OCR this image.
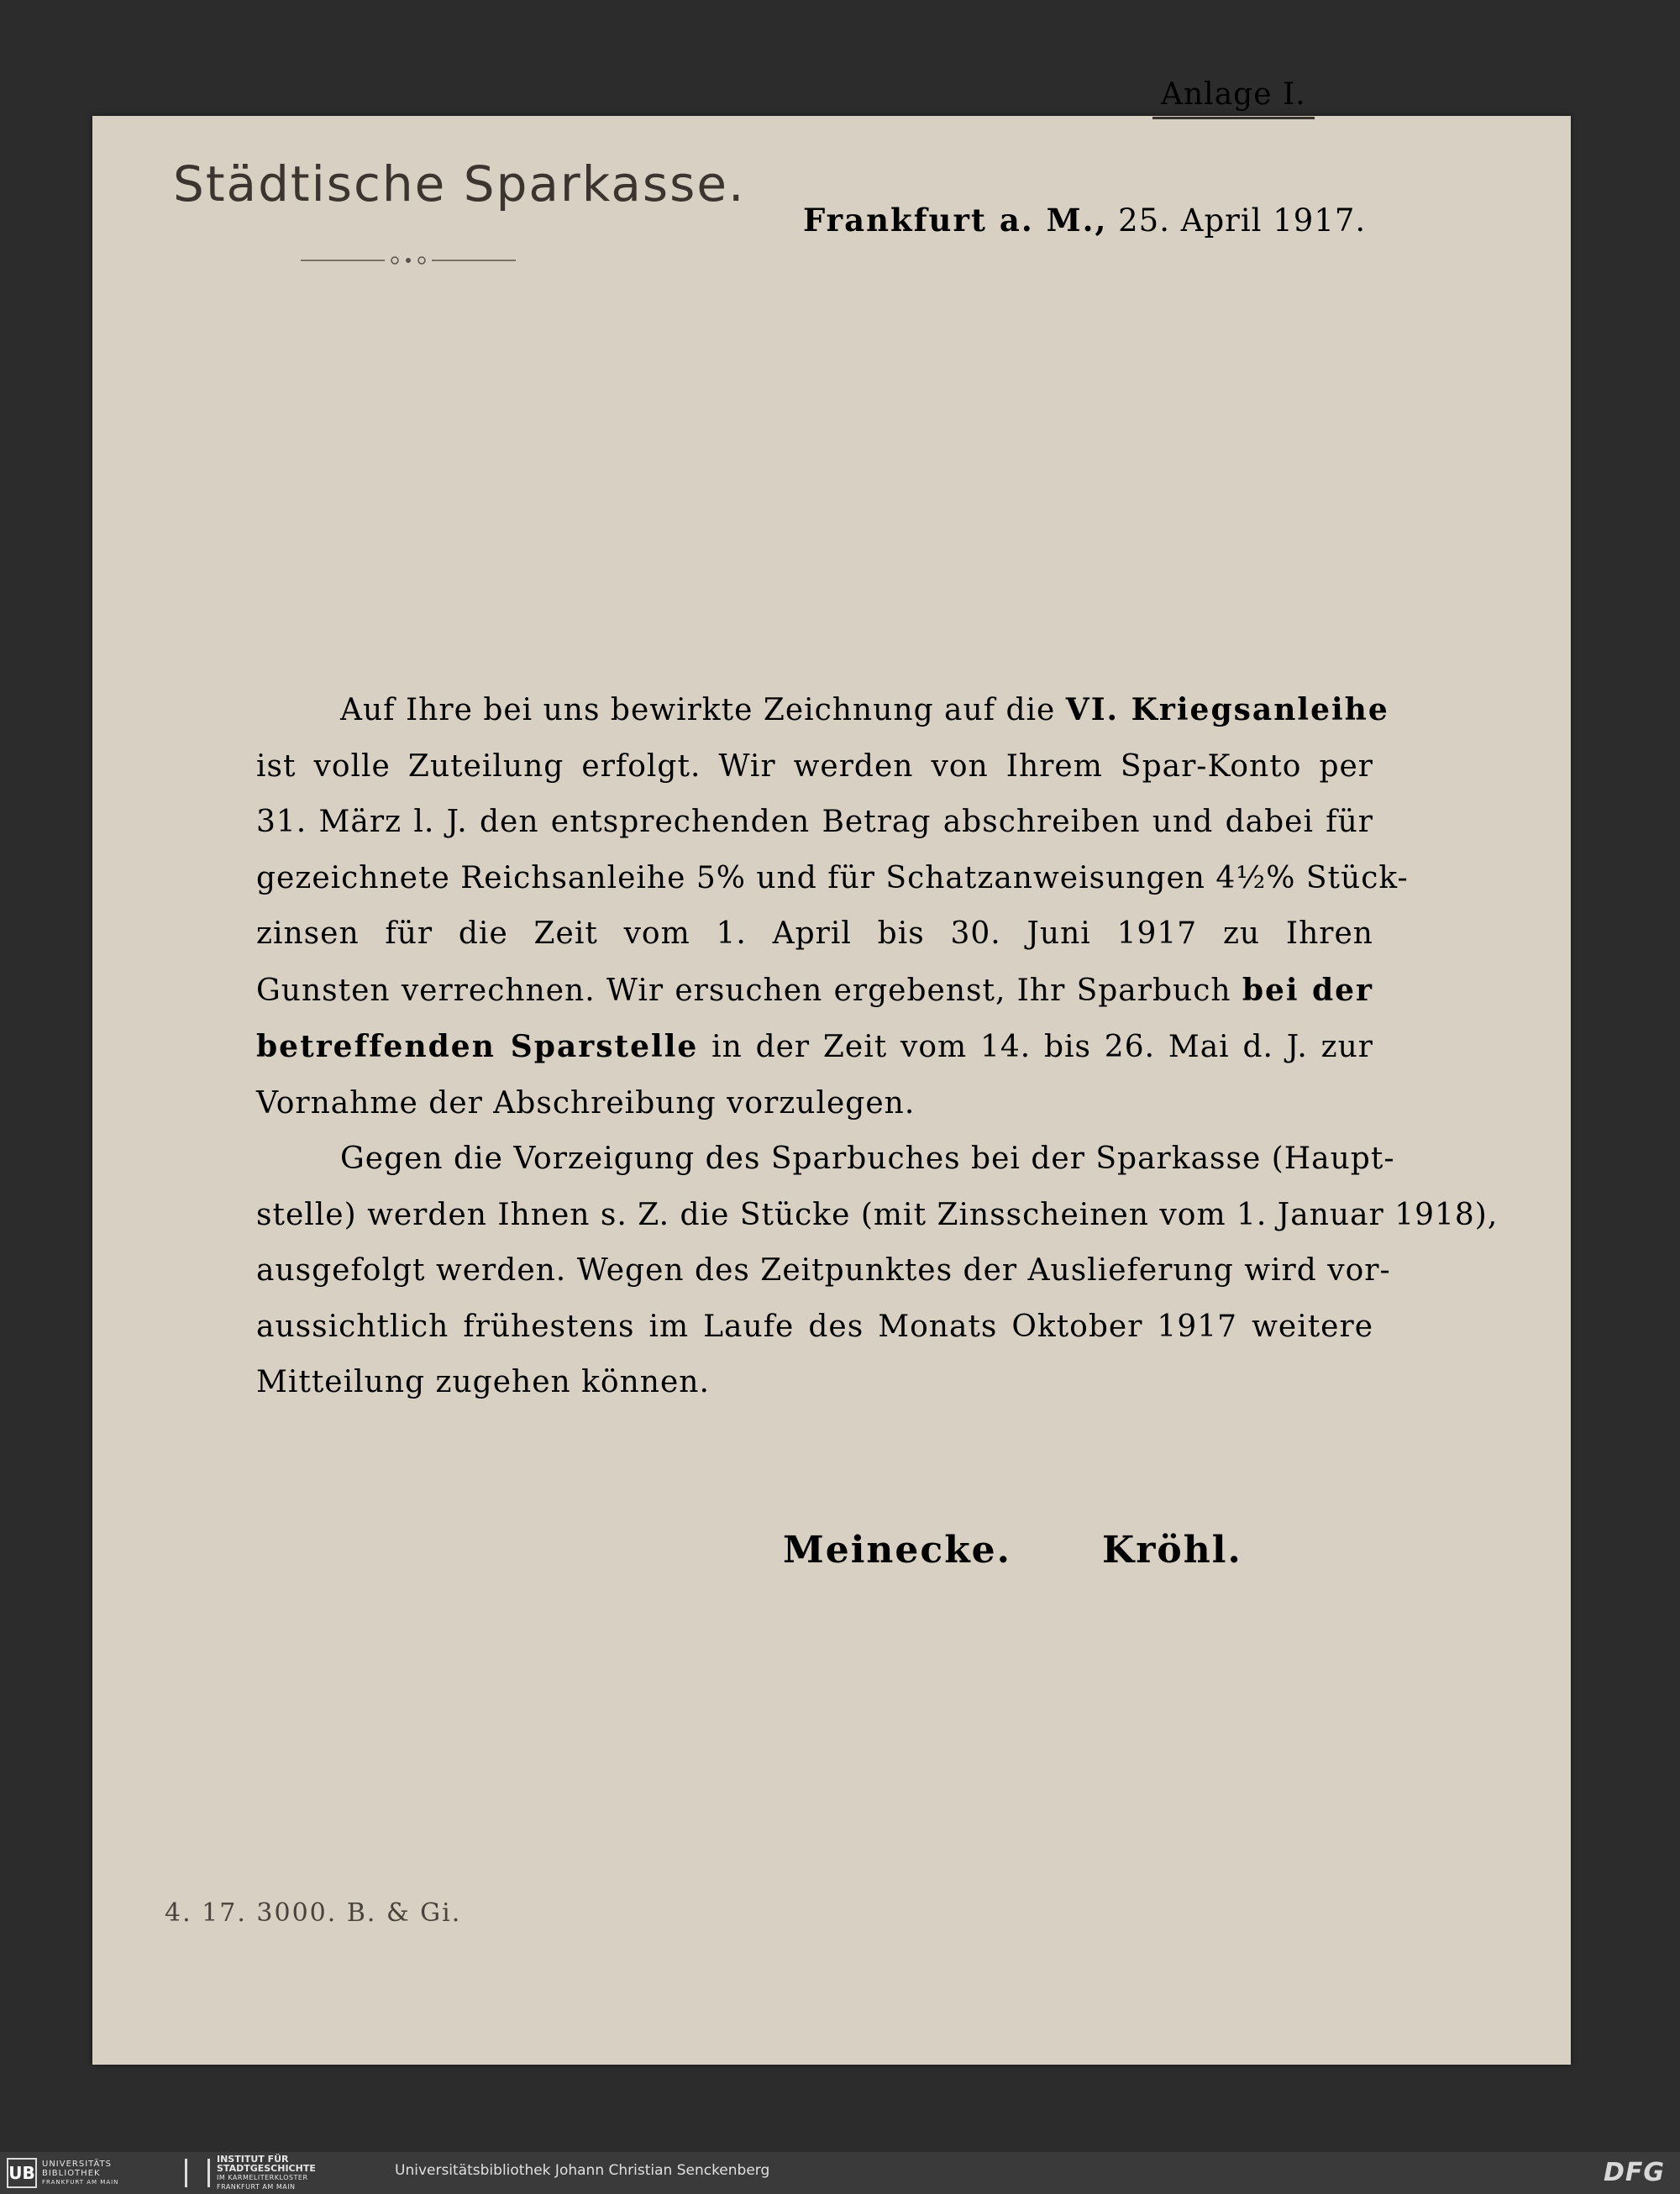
Anlage I.
Städtische Sparkasse.
Frankfurt a. M., 25. April 1917.
Auf Ihre bei uns bewirkte Zeichnung auf die VI. Kriegsanleihe
ist volle Zuteilung erfolgt. Wir werden von Ihrem Spar-Konto per
31. März l. J. den entsprechenden Betrag abschreiben und dabei für
gezeichnete Reichsanleihe 5% und für Schatzanweisungen 4½% Stück-
zinsen für die Zeit vom 1. April bis 30. Juni 1917 zu Ihren
Gunsten verrechnen. Wir ersuchen ergebenst, Ihr Sparbuch bei der
betreffenden Sparstelle in der Zeit vom 14. bis 26. Mai d. J. zur
Vornahme der Abschreibung vorzulegen.
Gegen die Vorzeigung des Sparbuches bei der Sparkasse (Haupt-
stelle) werden Ihnen s. Z. die Stücke (mit Zinsscheinen vom 1. Januar 1918),
ausgefolgt werden. Wegen des Zeitpunktes der Auslieferung wird vor-
aussichtlich frühestens im Laufe des Monats Oktober 1917 weitere
Mitteilung zugehen können.
Meinecke. Kröhl.
4. 17. 3000. B. & Gi.
UB UNIVERSITÄTS
BIBLIOTHEK
FRANKFURT AM MAIN
INSTITUT FÜR
STADTGESCHICHTE
IM KARMELITERKLOSTER
FRANKFURT AM MAIN
Universitätsbibliothek Johann Christian Senckenberg	DFG
